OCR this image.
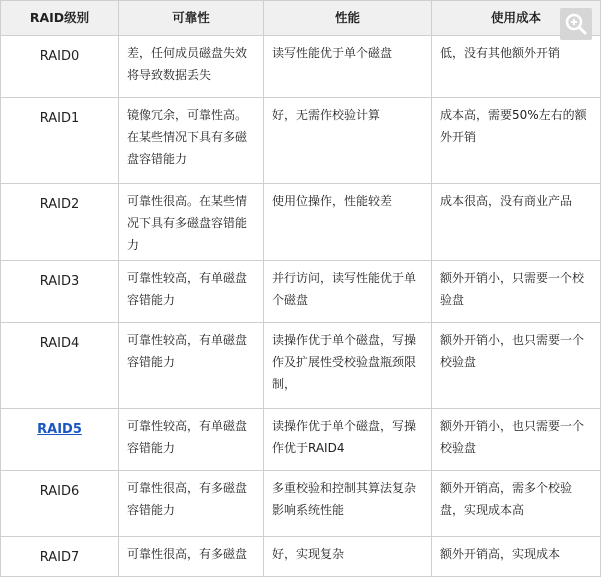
RAID级别	可靠性	性能	使用成本
RAID0	差，任何成员磁盘失效将导致数据丢失	读写性能优于单个磁盘	低，没有其他额外开销
RAID1	镜像冗余，可靠性高。在某些情况下具有多磁盘容错能力	好，无需作校验计算	成本高，需要50%左右的额外开销
RAID2	可靠性很高。在某些情况下具有多磁盘容错能力	使用位操作，性能较差	成本很高，没有商业产品
RAID3	可靠性较高，有单磁盘容错能力	并行访问，读写性能优于单个磁盘	额外开销小，只需要一个校验盘
RAID4	可靠性较高，有单磁盘容错能力	读操作优于单个磁盘，写操作及扩展性受校验盘瓶颈限制，	额外开销小，也只需要一个校验盘
RAID5	可靠性较高，有单磁盘容错能力	读操作优于单个磁盘，写操作优于RAID4	额外开销小，也只需要一个校验盘
RAID6	可靠性很高，有多磁盘容错能力	多重校验和控制其算法复杂影响系统性能	额外开销高，需多个校验盘，实现成本高
RAID7	可靠性很高，有多磁盘	好，实现复杂	额外开销高，实现成本
